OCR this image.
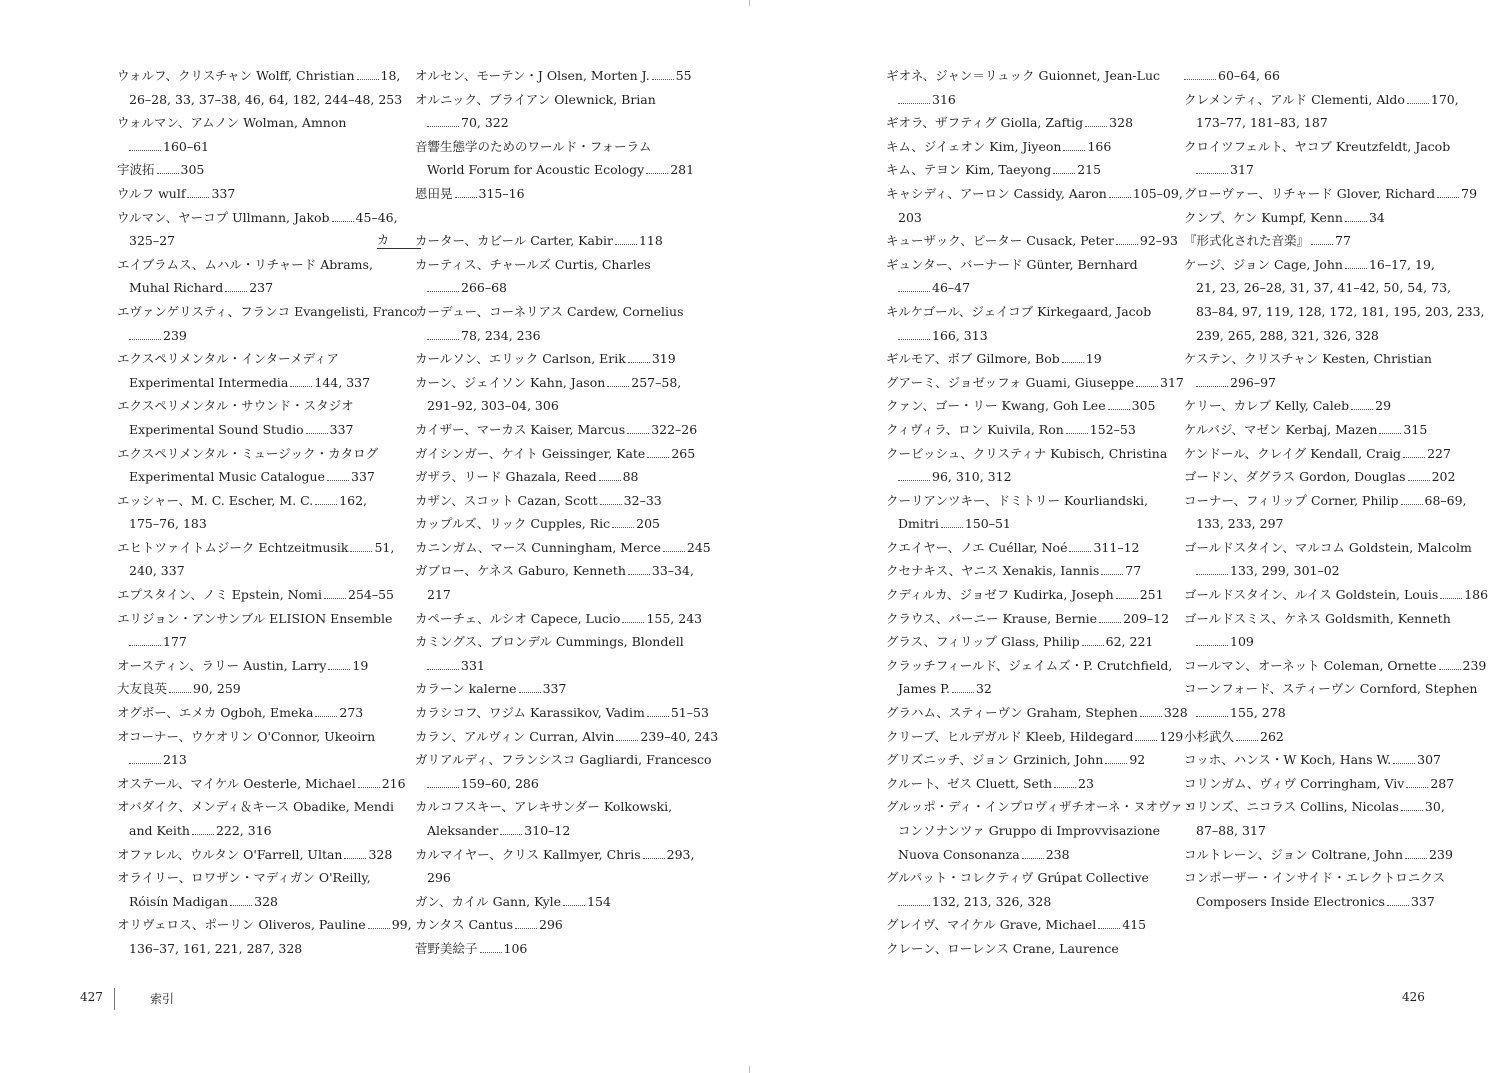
ウォルフ、クリスチャン Wolff, Christian 18,
26–28, 33, 37–38, 46, 64, 182, 244–48, 253
ウォルマン、アムノン Wolman, Amnon
160–61
宇波拓 305
ウルフ wulf 337
ウルマン、ヤーコプ Ullmann, Jakob 45–46,
325–27
エイブラムス、ムハル・リチャード Abrams,
Muhal Richard 237
エヴァンゲリスティ、フランコ Evangelisti, Franco
239
エクスペリメンタル・インターメディア
Experimental Intermedia 144, 337
エクスペリメンタル・サウンド・スタジオ
Experimental Sound Studio 337
エクスペリメンタル・ミュージック・カタログ
Experimental Music Catalogue 337
エッシャー、M. C. Escher, M. C. 162,
175–76, 183
エヒトツァイトムジーク Echtzeitmusik 51,
240, 337
エプスタイン、ノミ Epstein, Nomi 254–55
エリジョン・アンサンブル ELISION Ensemble
177
オースティン、ラリー Austin, Larry 19
大友良英 90, 259
オグボー、エメカ Ogboh, Emeka 273
オコーナー、ウケオリン O'Connor, Ukeoirn
213
オステール、マイケル Oesterle, Michael 216
オバダイク、メンディ＆キース Obadike, Mendi
and Keith 222, 316
オファレル、ウルタン O'Farrell, Ultan 328
オライリー、ロワザン・マディガン O'Reilly,
Róisín Madigan 328
オリヴェロス、ポーリン Oliveros, Pauline 99,
136–37, 161, 221, 287, 328
オルセン、モーテン・J Olsen, Morten J. 55
オルニック、ブライアン Olewnick, Brian
70, 322
音響生態学のためのワールド・フォーラム
World Forum for Acoustic Ecology 281
恩田晃 315–16
カ	カーター、カビール Carter, Kabir 118
カーティス、チャールズ Curtis, Charles
266–68
カーデュー、コーネリアス Cardew, Cornelius
78, 234, 236
カールソン、エリック Carlson, Erik 319
カーン、ジェイソン Kahn, Jason 257–58,
291–92, 303–04, 306
カイザー、マーカス Kaiser, Marcus 322–26
ガイシンガー、ケイト Geissinger, Kate 265
ガザラ、リード Ghazala, Reed 88
カザン、スコット Cazan, Scott 32–33
カップルズ、リック Cupples, Ric 205
カニンガム、マース Cunningham, Merce 245
ガブロー、ケネス Gaburo, Kenneth 33–34,
217
カペーチェ、ルシオ Capece, Lucio 155, 243
カミングス、ブロンデル Cummings, Blondell
331
カラーン kalerne 337
カラシコフ、ワジム Karassikov, Vadim 51–53
カラン、アルヴィン Curran, Alvin 239–40, 243
ガリアルディ、フランシスコ Gagliardi, Francesco
159–60, 286
カルコフスキー、アレキサンダー Kolkowski,
Aleksander 310–12
カルマイヤー、クリス Kallmyer, Chris 293,
296
ガン、カイル Gann, Kyle 154
カンタス Cantus 296
菅野美絵子 106
ギオネ、ジャン＝リュック Guionnet, Jean-Luc
316
ギオラ、ザフティグ Giolla, Zaftig 328
キム、ジイェオン Kim, Jiyeon 166
キム、テヨン Kim, Taeyong 215
キャシディ、アーロン Cassidy, Aaron 105–09,
203
キューザック、ピーター Cusack, Peter 92–93
ギュンター、バーナード Günter, Bernhard
46–47
キルケゴール、ジェイコブ Kirkegaard, Jacob
166, 313
ギルモア、ボブ Gilmore, Bob 19
グアーミ、ジョゼッフォ Guami, Giuseppe 317
クァン、ゴー・リー Kwang, Goh Lee 305
クィヴィラ、ロン Kuivila, Ron 152–53
クービッシュ、クリスティナ Kubisch, Christina
96, 310, 312
クーリアンツキー、ドミトリー Kourliandski,
Dmitri 150–51
クエイヤー、ノエ Cuéllar, Noé 311–12
クセナキス、ヤニス Xenakis, Iannis 77
クディルカ、ジョゼフ Kudirka, Joseph 251
クラウス、バーニー Krause, Bernie 209–12
グラス、フィリップ Glass, Philip 62, 221
クラッチフィールド、ジェイムズ・P. Crutchfield,
James P. 32
グラハム、スティーヴン Graham, Stephen 328
クリーブ、ヒルデガルド Kleeb, Hildegard 129
グリズニッチ、ジョン Grzinich, John 92
クルート、ゼス Cluett, Seth 23
グルッポ・ディ・インプロヴィザチオーネ・ヌオヴァ・
コンソナンツァ Gruppo di Improvvisazione
Nuova Consonanza 238
グルパット・コレクティヴ Grúpat Collective
132, 213, 326, 328
グレイヴ、マイケル Grave, Michael 415
クレーン、ローレンス Crane, Laurence
60–64, 66
クレメンティ、アルド Clementi, Aldo 170,
173–77, 181–83, 187
クロイツフェルト、ヤコブ Kreutzfeldt, Jacob
317
グローヴァー、リチャード Glover, Richard 79
クンプ、ケン Kumpf, Kenn 34
『形式化された音楽』 77
ケージ、ジョン Cage, John 16–17, 19,
21, 23, 26–28, 31, 37, 41–42, 50, 54, 73,
83–84, 97, 119, 128, 172, 181, 195, 203, 233,
239, 265, 288, 321, 326, 328
ケステン、クリスチャン Kesten, Christian
296–97
ケリー、カレブ Kelly, Caleb 29
ケルバジ、マゼン Kerbaj, Mazen 315
ケンドール、クレイグ Kendall, Craig 227
ゴードン、ダグラス Gordon, Douglas 202
コーナー、フィリップ Corner, Philip 68–69,
133, 233, 297
ゴールドスタイン、マルコム Goldstein, Malcolm
133, 299, 301–02
ゴールドスタイン、ルイス Goldstein, Louis 186
ゴールドスミス、ケネス Goldsmith, Kenneth
109
コールマン、オーネット Coleman, Ornette 239
コーンフォード、スティーヴン Cornford, Stephen
155, 278
小杉武久 262
コッホ、ハンス・W Koch, Hans W. 307
コリンガム、ヴィヴ Corringham, Viv 287
コリンズ、ニコラス Collins, Nicolas 30,
87–88, 317
コルトレーン、ジョン Coltrane, John 239
コンポーザー・インサイド・エレクトロニクス
Composers Inside Electronics 337
427	索引	426
